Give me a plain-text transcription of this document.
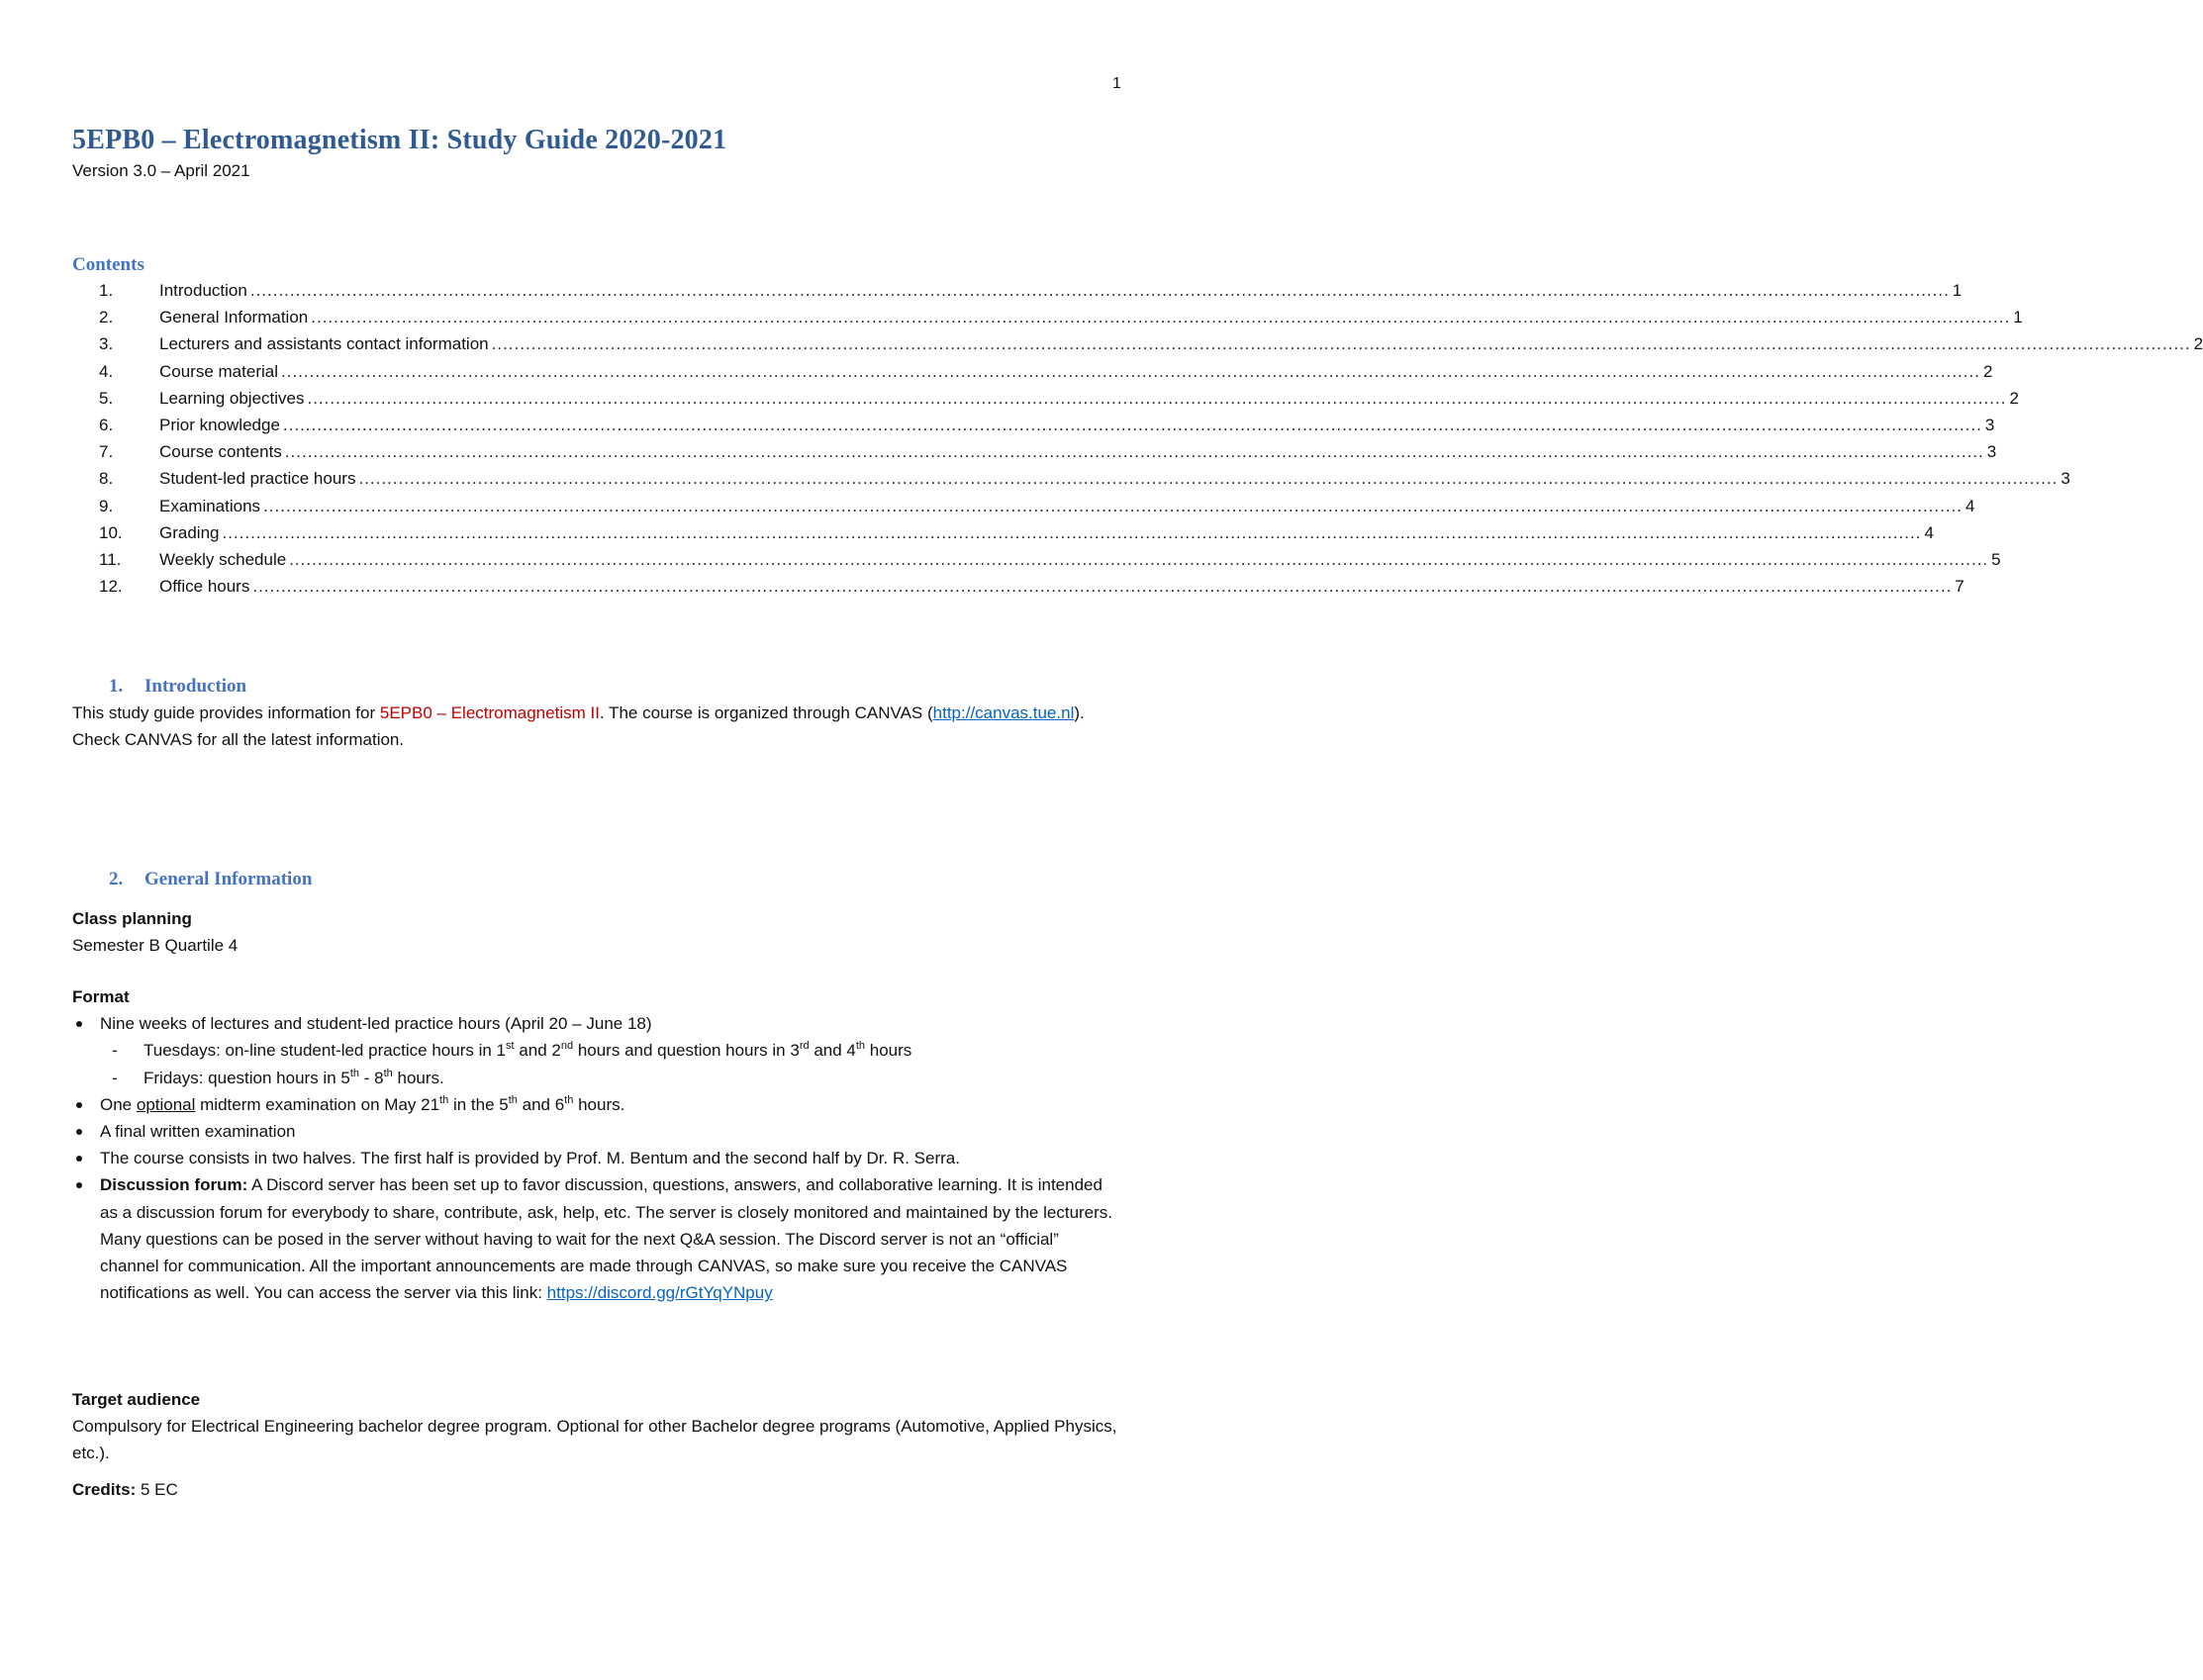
1
5EPB0 – Electromagnetism II: Study Guide 2020-2021
Version 3.0 – April 2021
Contents
1.	Introduction ............................................................................................................................................................................................................................................................................................................ 1
2.	General Information ............................................................................................................................................................................................................................................................................................................ 1
3.	Lecturers and assistants contact information ............................................................................................................................................................................................................................................................................................................ 2
4.	Course material ............................................................................................................................................................................................................................................................................................................ 2
5.	Learning objectives ............................................................................................................................................................................................................................................................................................................ 2
6.	Prior knowledge ............................................................................................................................................................................................................................................................................................................ 3
7.	Course contents ............................................................................................................................................................................................................................................................................................................ 3
8.	Student-led practice hours ............................................................................................................................................................................................................................................................................................................ 3
9.	Examinations ............................................................................................................................................................................................................................................................................................................ 4
10. Grading ............................................................................................................................................................................................................................................................................................................ 4
11. Weekly schedule ............................................................................................................................................................................................................................................................................................................ 5
12. Office hours ............................................................................................................................................................................................................................................................................................................ 7
1. Introduction
This study guide provides information for 5EPB0 – Electromagnetism II. The course is organized through CANVAS (http://canvas.tue.nl). Check CANVAS for all the latest information.
2. General Information
Class planning
Semester B Quartile 4
Format
Nine weeks of lectures and student-led practice hours (April 20 – June 18)
- Tuesdays: on-line student-led practice hours in 1st and 2nd hours and question hours in 3rd and 4th hours
- Fridays: question hours in 5th - 8th hours.
One optional midterm examination on May 21th in the 5th and 6th hours.
A final written examination
The course consists in two halves. The first half is provided by Prof. M. Bentum and the second half by Dr. R. Serra.
Discussion forum: A Discord server has been set up to favor discussion, questions, answers, and collaborative learning. It is intended as a discussion forum for everybody to share, contribute, ask, help, etc. The server is closely monitored and maintained by the lecturers. Many questions can be posed in the server without having to wait for the next Q&A session. The Discord server is not an “official” channel for communication. All the important announcements are made through CANVAS, so make sure you receive the CANVAS notifications as well. You can access the server via this link: https://discord.gg/rGtYqYNpuy
Target audience
Compulsory for Electrical Engineering bachelor degree program. Optional for other Bachelor degree programs (Automotive, Applied Physics, etc.).
Credits: 5 EC
